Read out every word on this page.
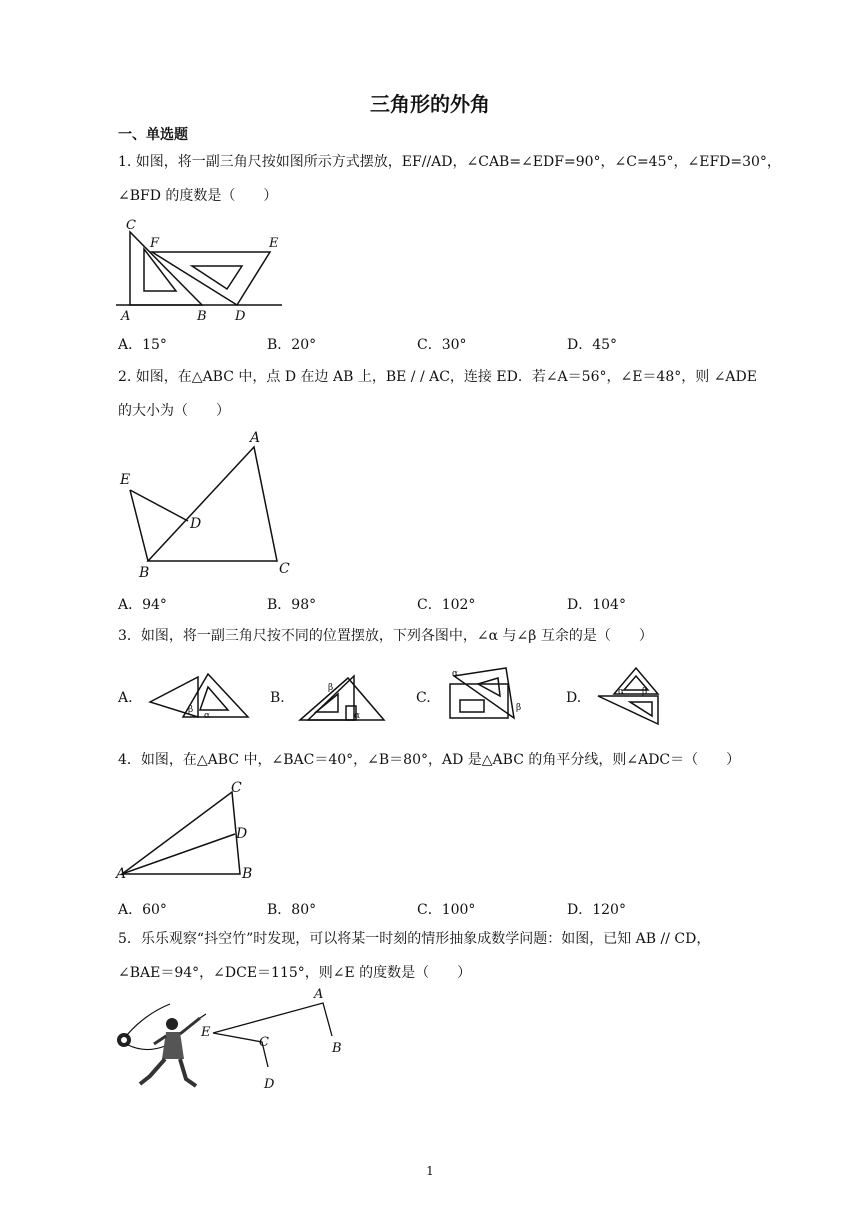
三角形的外角
一、单选题
1. 如图，将一副三角尺按如图所示方式摆放，EF//AD，∠CAB=∠EDF=90°，∠C=45°，∠EFD=30°，
∠BFD 的度数是（　　）
C
F	E
A	B D
A．15°	B．20°	C．30°	D．45°
2. 如图，在△ABC 中，点 D 在边 AB 上，BE / / AC，连接 ED．若∠A＝56°，∠E＝48°，则 ∠ADE
的大小为（　　）
A
E
D
B	C
A．94°	B．98°	C．102°	D．104°
3．如图，将一副三角尺按不同的位置摆放，下列各图中，∠α 与∠β 互余的是（　　）
A.
β
α
B.
β
α
C.
α
β
D.	α β
4．如图，在△ABC 中，∠BAC＝40°，∠B＝80°，AD 是△ABC 的角平分线，则∠ADC＝（　　）
C
D
A	B
A．60°	B．80°	C．100°	D．120°
5．乐乐观察“抖空竹”时发现，可以将某一时刻的情形抽象成数学问题：如图，已知 AB // CD，
∠BAE＝94°，∠DCE＝115°，则∠E 的度数是（　　）
A
E
C	B
D
1
